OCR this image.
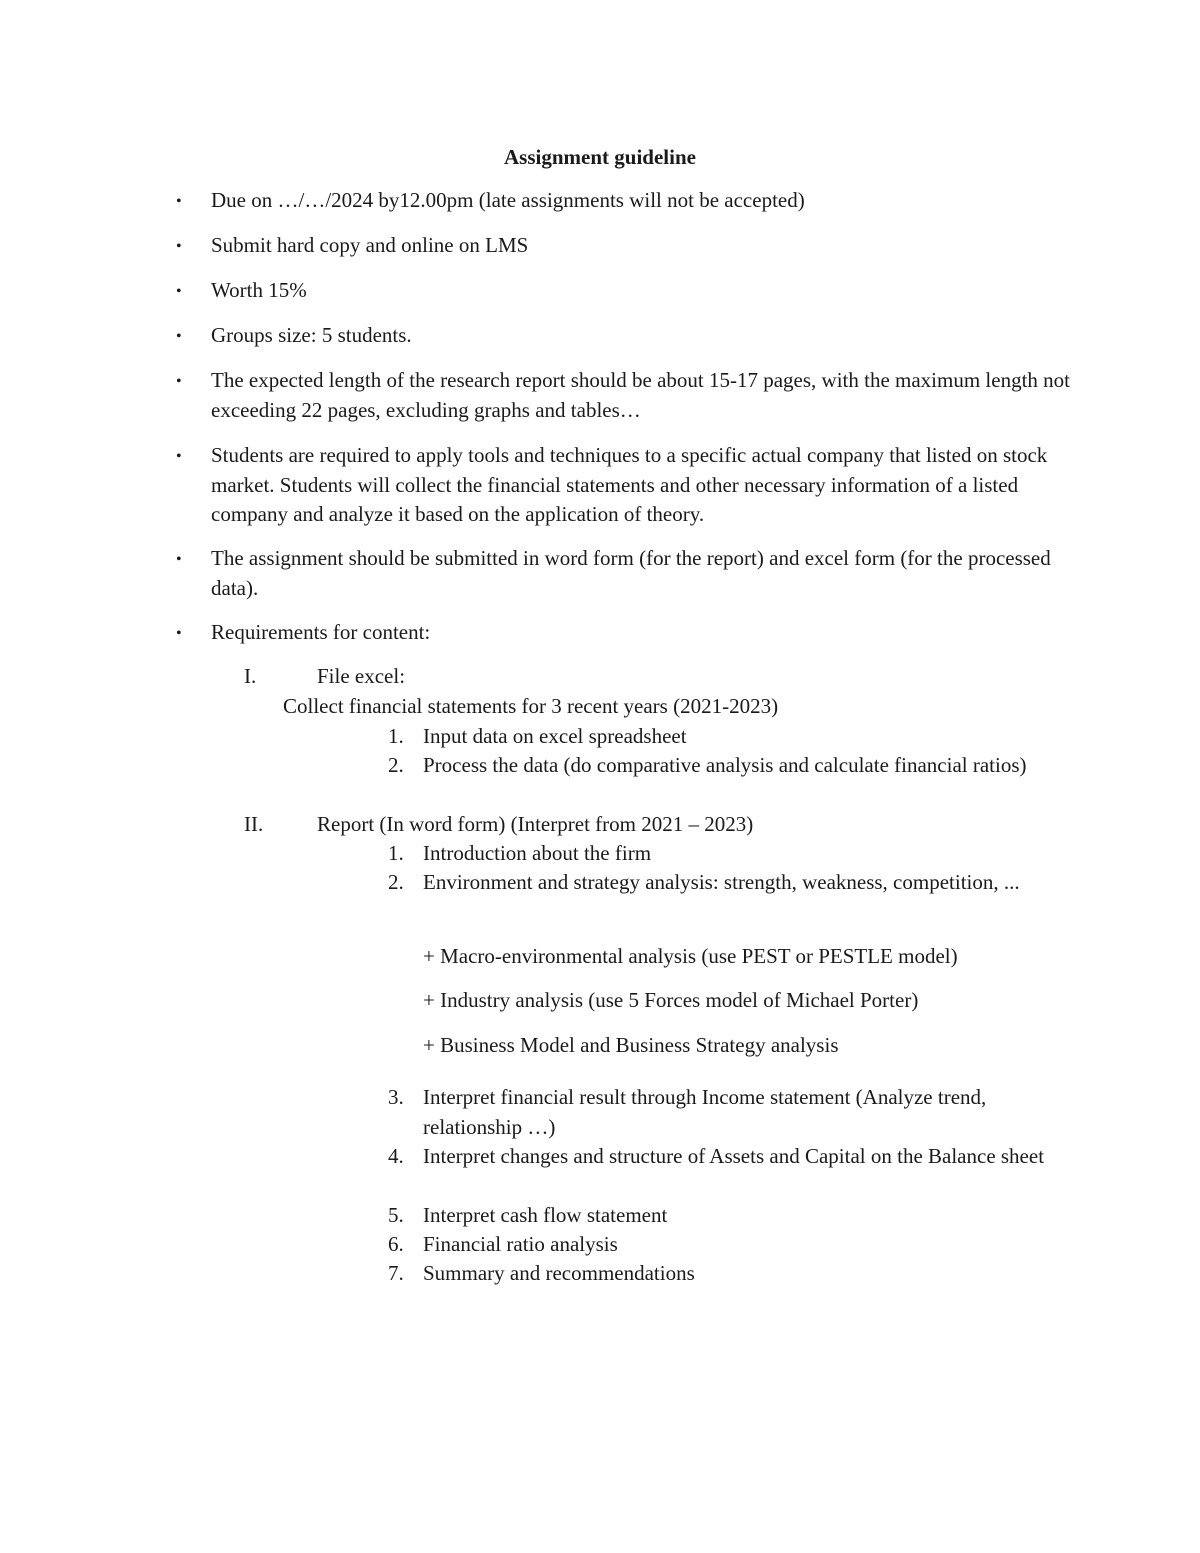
Assignment guideline
• Due on …/…/2024 by12.00pm (late assignments will not be accepted)
• Submit hard copy and online on LMS
• Worth 15%
• Groups size: 5 students.
• The expected length of the research report should be about 15-17 pages, with the maximum length not exceeding 22 pages, excluding graphs and tables…
• Students are required to apply tools and techniques to a specific actual company that listed on stock market. Students will collect the financial statements and other necessary information of a listed company and analyze it based on the application of theory.
• The assignment should be submitted in word form (for the report) and excel form (for the processed data).
• Requirements for content:
I.	File excel:
Collect financial statements for 3 recent years (2021-2023)
1. Input data on excel spreadsheet
2. Process the data (do comparative analysis and calculate financial ratios)
II.	Report (In word form) (Interpret from 2021 – 2023)
1. Introduction about the firm
2. Environment and strategy analysis: strength, weakness, competition, ...
+ Macro-environmental analysis (use PEST or PESTLE model)
+ Industry analysis (use 5 Forces model of Michael Porter)
+ Business Model and Business Strategy analysis
3. Interpret financial result through Income statement (Analyze trend, relationship …)
4. Interpret changes and structure of Assets and Capital on the Balance sheet
5. Interpret cash flow statement
6. Financial ratio analysis
7. Summary and recommendations
